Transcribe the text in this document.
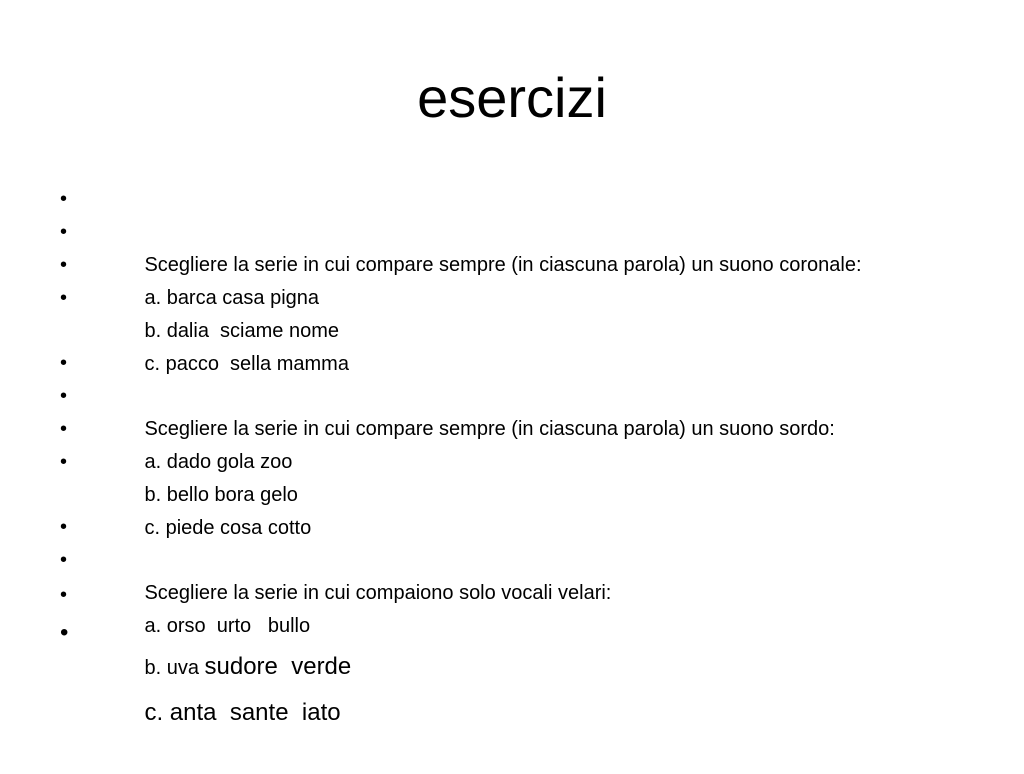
esercizi

•

Scegliere la serie in cui compare sempre (in ciascuna parola) un suono coronale:

•

a. barca casa pigna

•

b. dalia  sciame nome

•

c. pacco  sella mamma

•

Scegliere la serie in cui compare sempre (in ciascuna parola) un suono sordo:

•

a. dado gola zoo

•

b. bello bora gelo

•

c. piede cosa cotto

•

Scegliere la serie in cui compaiono solo vocali velari:

•

a. orso  urto   bullo

•

b. uva sudore  verde

•

c. anta  sante  iato
